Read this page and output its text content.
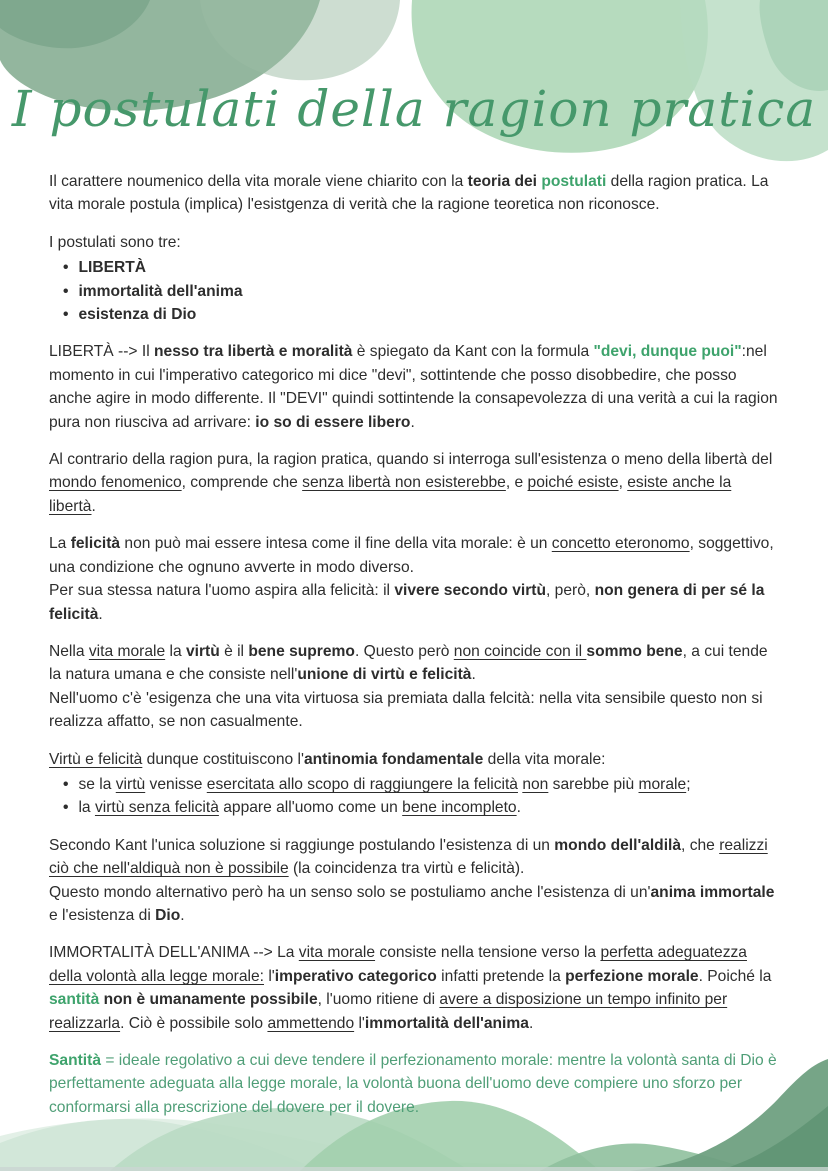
I postulati della ragion pratica
Il carattere noumenico della vita morale viene chiarito con la teoria dei postulati della ragion pratica. La vita morale postula (implica) l'esistgenza di verità che la ragione teoretica non riconosce.
I postulati sono tre:
•
LIBERTÀ
•
immortalità dell'anima
•
esistenza di Dio
LIBERTÀ --> Il nesso tra libertà e moralità è spiegato da Kant con la formula "devi, dunque puoi":nel momento in cui l'imperativo categorico mi dice "devi", sottintende che posso disobbedire, che posso anche agire in modo differente. Il "DEVI" quindi sottintende la consapevolezza di una verità a cui la ragion pura non riusciva ad arrivare: io so di essere libero.
Al contrario della ragion pura, la ragion pratica, quando si interroga sull'esistenza o meno della libertà del mondo fenomenico, comprende che senza libertà non esisterebbe, e poiché esiste, esiste anche la libertà.
La felicità non può mai essere intesa come il fine della vita morale: è un concetto eteronomo, soggettivo, una condizione che ognuno avverte in modo diverso.
Per sua stessa natura l'uomo aspira alla felicità: il vivere secondo virtù, però, non genera di per sé la felicità.
Nella vita morale la virtù è il bene supremo. Questo però non coincide con il sommo bene, a cui tende la natura umana e che consiste nell'unione di virtù e felicità.
Nell'uomo c'è 'esigenza che una vita virtuosa sia premiata dalla felcità: nella vita sensibile questo non si realizza affatto, se non casualmente.
Virtù e felicità dunque costituiscono l'antinomia fondamentale della vita morale:
•
se la virtù venisse esercitata allo scopo di raggiungere la felicità non sarebbe più morale;
•
la virtù senza felicità appare all'uomo come un bene incompleto.
Secondo Kant l'unica soluzione si raggiunge postulando l'esistenza di un mondo dell'aldilà, che realizzi ciò che nell'aldiquà non è possibile (la coincidenza tra virtù e felicità).
Questo mondo alternativo però ha un senso solo se postuliamo anche l'esistenza di un'anima immortale e l'esistenza di Dio.
IMMORTALITÀ DELL'ANIMA --> La vita morale consiste nella tensione verso la perfetta adeguatezza della volontà alla legge morale: l'imperativo categorico infatti pretende la perfezione morale. Poiché la santità non è umanamente possibile, l'uomo ritiene di avere a disposizione un tempo infinito per realizzarla. Ciò è possibile solo ammettendo l'immortalità dell'anima.
Santità = ideale regolativo a cui deve tendere il perfezionamento morale: mentre la volontà santa di Dio è perfettamente adeguata alla legge morale, la volontà buona dell'uomo deve compiere uno sforzo per conformarsi alla prescrizione del dovere per il dovere.
